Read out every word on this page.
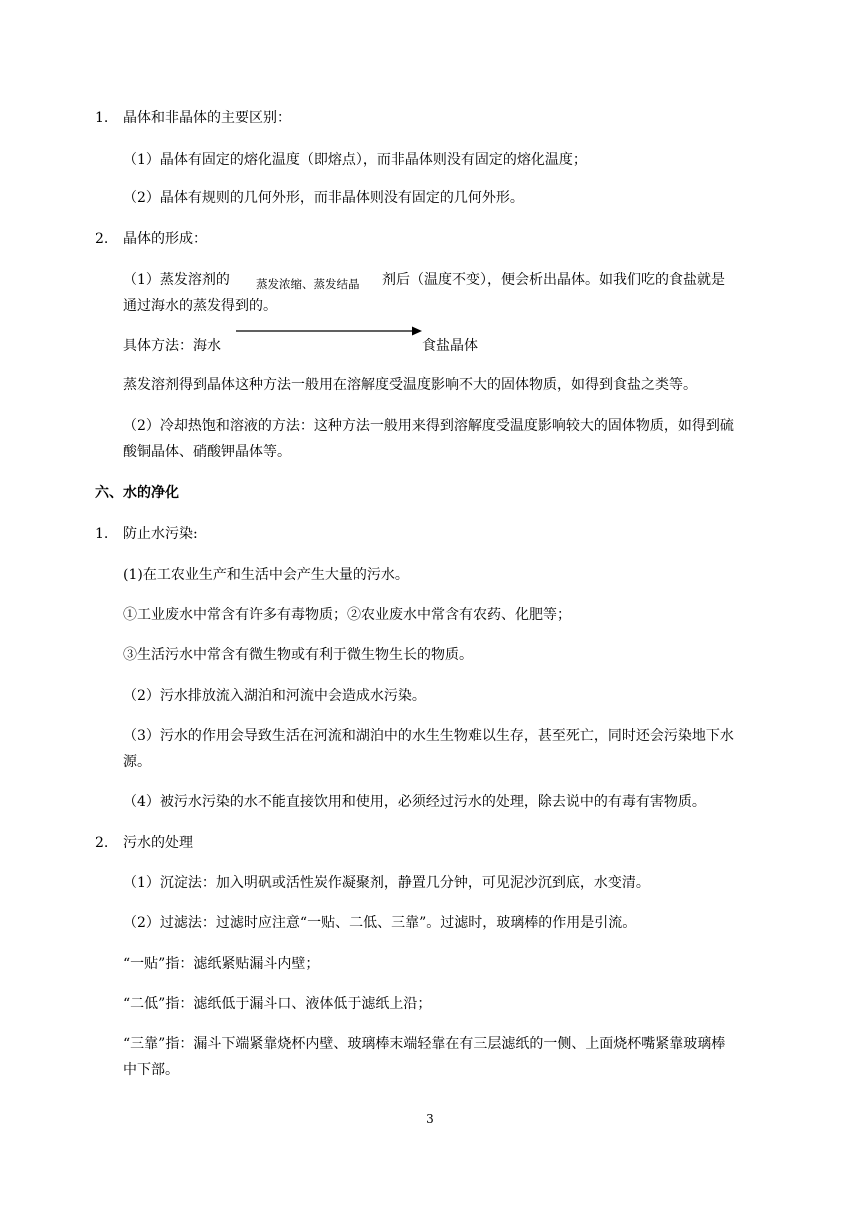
1. 晶体和非晶体的主要区别：
（1）晶体有固定的熔化温度（即熔点），而非晶体则没有固定的熔化温度；
（2）晶体有规则的几何外形，而非晶体则没有固定的几何外形。
2. 晶体的形成：
（1）蒸发溶剂的	剂后（温度不变），便会析出晶体。如我们吃的食盐就是
通过海水的蒸发得到的。
蒸发浓缩、蒸发结晶
具体方法：海水	食盐晶体
蒸发溶剂得到晶体这种方法一般用在溶解度受温度影响不大的固体物质，如得到食盐之类等。
（2）冷却热饱和溶液的方法：这种方法一般用来得到溶解度受温度影响较大的固体物质，如得到硫
酸铜晶体、硝酸钾晶体等。
六、水的净化
1. 防止水污染:
(1)在工农业生产和生活中会产生大量的污水。
①工业废水中常含有许多有毒物质；②农业废水中常含有农药、化肥等；
③生活污水中常含有微生物或有利于微生物生长的物质。
（2）污水排放流入湖泊和河流中会造成水污染。
（3）污水的作用会导致生活在河流和湖泊中的水生生物难以生存，甚至死亡，同时还会污染地下水
源。
（4）被污水污染的水不能直接饮用和使用，必须经过污水的处理，除去说中的有毒有害物质。
2. 污水的处理
（1）沉淀法：加入明矾或活性炭作凝聚剂，静置几分钟，可见泥沙沉到底，水变清。
（2）过滤法：过滤时应注意“一贴、二低、三靠”。过滤时，玻璃棒的作用是引流。
“一贴”指：滤纸紧贴漏斗内壁；
“二低”指：滤纸低于漏斗口、液体低于滤纸上沿；
“三靠”指：漏斗下端紧靠烧杯内壁、玻璃棒末端轻靠在有三层滤纸的一侧、上面烧杯嘴紧靠玻璃棒
中下部。
3
